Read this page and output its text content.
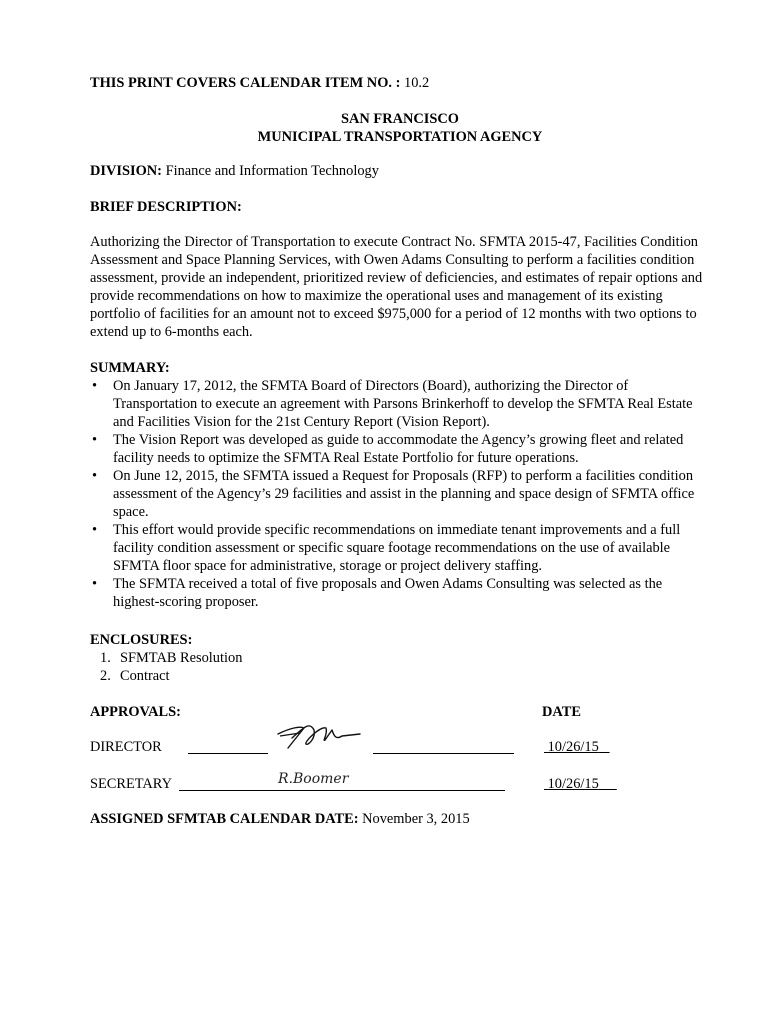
THIS PRINT COVERS CALENDAR ITEM NO. : 10.2

SAN FRANCISCO

MUNICIPAL TRANSPORTATION AGENCY

DIVISION: Finance and Information Technology

BRIEF DESCRIPTION:

Authorizing the Director of Transportation to execute Contract No. SFMTA 2015-47, Facilities Condition Assessment and Space Planning Services, with Owen Adams Consulting to perform a facilities condition assessment, provide an independent, prioritized review of deficiencies, and estimates of repair options and provide recommendations on how to maximize the operational uses and management of its existing portfolio of facilities for an amount not to exceed $975,000 for a period of 12 months with two options to extend up to 6-months each.

SUMMARY:

• On January 17, 2012, the SFMTA Board of Directors (Board), authorizing the Director of Transportation to execute an agreement with Parsons Brinkerhoff to develop the SFMTA Real Estate and Facilities Vision for the 21st Century Report (Vision Report).
• The Vision Report was developed as guide to accommodate the Agency’s growing fleet and related facility needs to optimize the SFMTA Real Estate Portfolio for future operations.
• On June 12, 2015, the SFMTA issued a Request for Proposals (RFP) to perform a facilities condition assessment of the Agency’s 29 facilities and assist in the planning and space design of SFMTA office space.
• This effort would provide specific recommendations on immediate tenant improvements and a full facility condition assessment or specific square footage recommendations on the use of available SFMTA floor space for administrative, storage or project delivery staffing.
• The SFMTA received a total of five proposals and Owen Adams Consulting was selected as the highest-scoring proposer.

ENCLOSURES:

1. SFMTAB Resolution
2. Contract
APPROVALS:	DATE
DIRECTOR	10/26/15
SECRETARY	R.Boomer	10/26/15

ASSIGNED SFMTAB CALENDAR DATE: November 3, 2015
